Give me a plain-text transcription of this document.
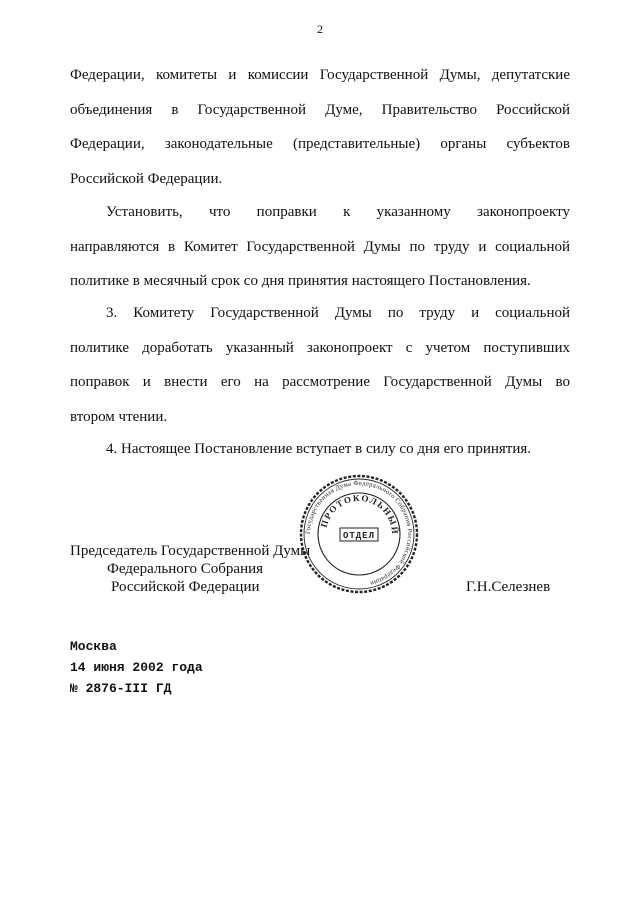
2

Федерации, комитеты и комиссии Государственной Думы, депутатские
объединения в Государственной Думе, Правительство Российской
Федерации, законодательные (представительные) органы субъектов
Российской Федерации.

Установить, что поправки к указанному законопроекту
направляются в Комитет Государственной Думы по труду и социальной
политике в месячный срок со дня принятия настоящего Постановления.

3. Комитету Государственной Думы по труду и социальной
политике доработать указанный законопроект с учетом поступивших
поправок и внести его на рассмотрение Государственной Думы во
втором чтении.

4. Настоящее Постановление вступает в силу со дня его принятия.

Председатель Государственной Думы
Федерального Собрания
Российской Федерации	Г.Н.Селезнев
Государственная Дума Федерального Собрания Российской Федерации
ПРОТОКОЛЬНЫЙ
ОТДЕЛ
Москва
14 июня 2002 года
№ 2876-III ГД
